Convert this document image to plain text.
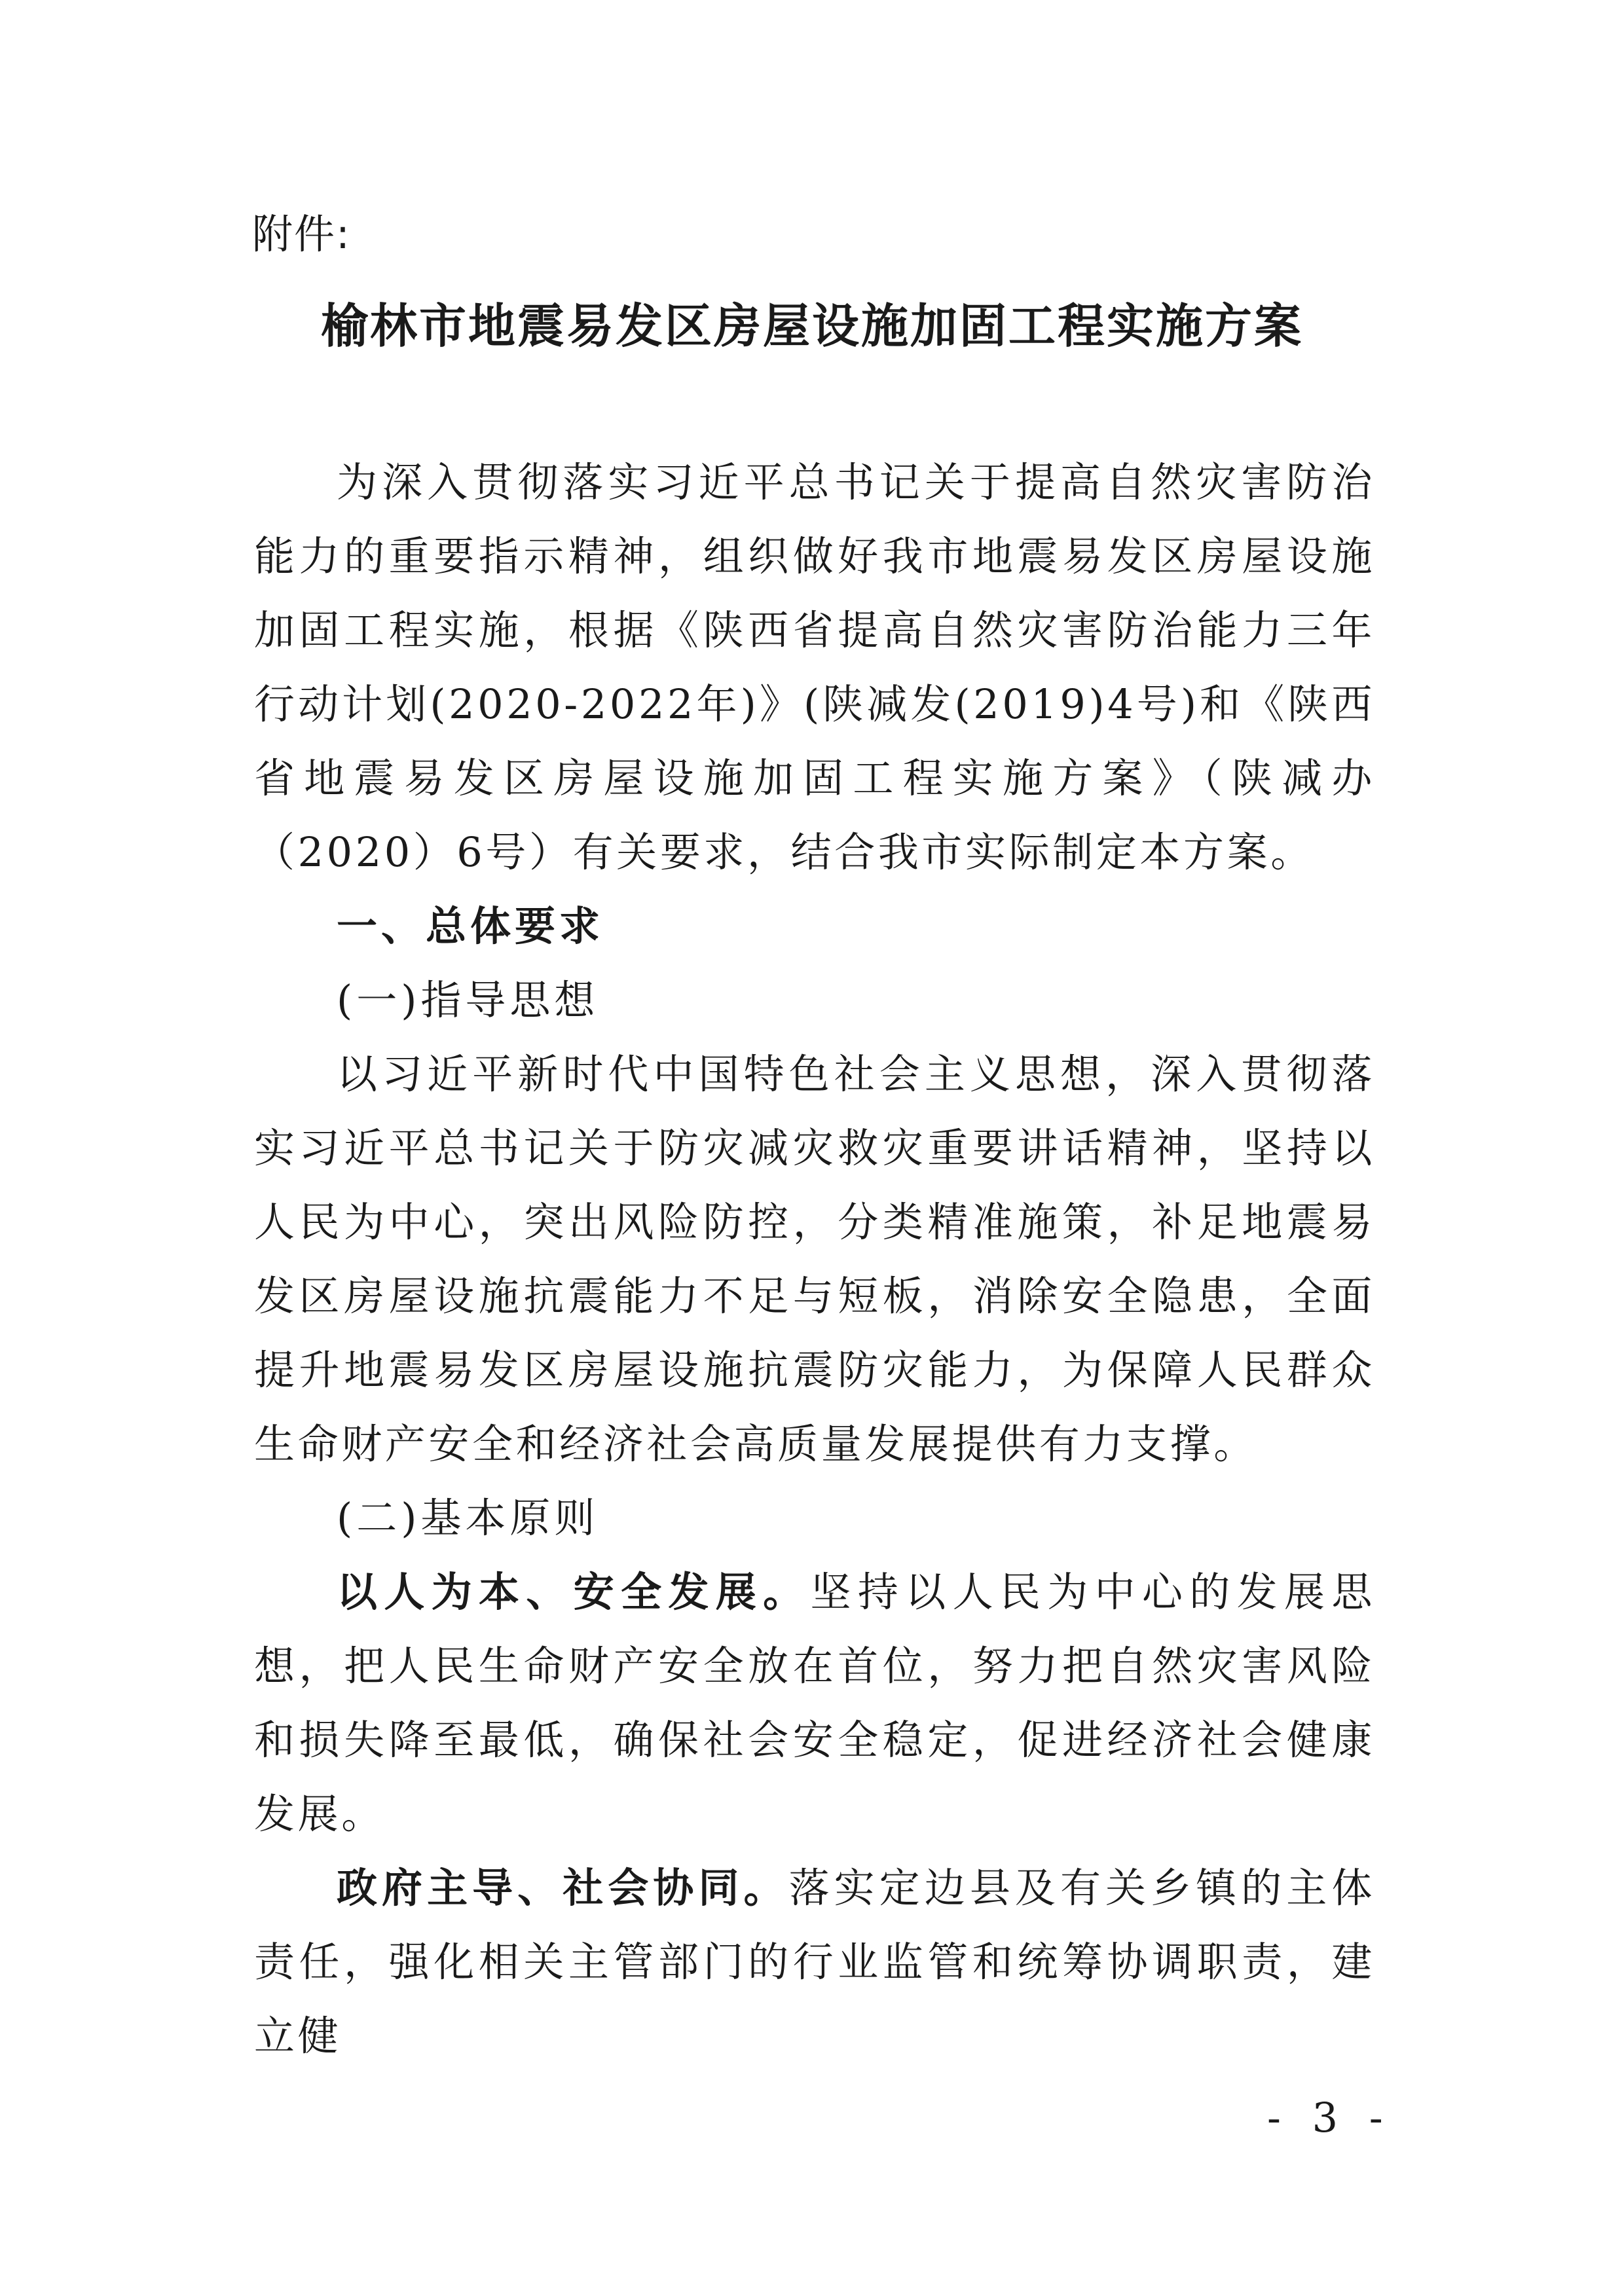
附件:

榆林市地震易发区房屋设施加固工程实施方案

为深入贯彻落实习近平总书记关于提高自然灾害防治能力的重要指示精神，组织做好我市地震易发区房屋设施加固工程实施，根据《陕西省提高自然灾害防治能力三年行动计划(2020-2022年)》(陕减发(2019)4号)和《陕西省地震易发区房屋设施加固工程实施方案》（陕减办（2020）6号）有关要求，结合我市实际制定本方案。

一、总体要求

(一)指导思想

以习近平新时代中国特色社会主义思想，深入贯彻落实习近平总书记关于防灾减灾救灾重要讲话精神，坚持以人民为中心，突出风险防控，分类精准施策，补足地震易发区房屋设施抗震能力不足与短板，消除安全隐患，全面提升地震易发区房屋设施抗震防灾能力，为保障人民群众生命财产安全和经济社会高质量发展提供有力支撑。

(二)基本原则

以人为本、安全发展。坚持以人民为中心的发展思想，把人民生命财产安全放在首位，努力把自然灾害风险和损失降至最低，确保社会安全稳定，促进经济社会健康发展。

政府主导、社会协同。落实定边县及有关乡镇的主体责任，强化相关主管部门的行业监管和统筹协调职责，建立健

- 3 -
